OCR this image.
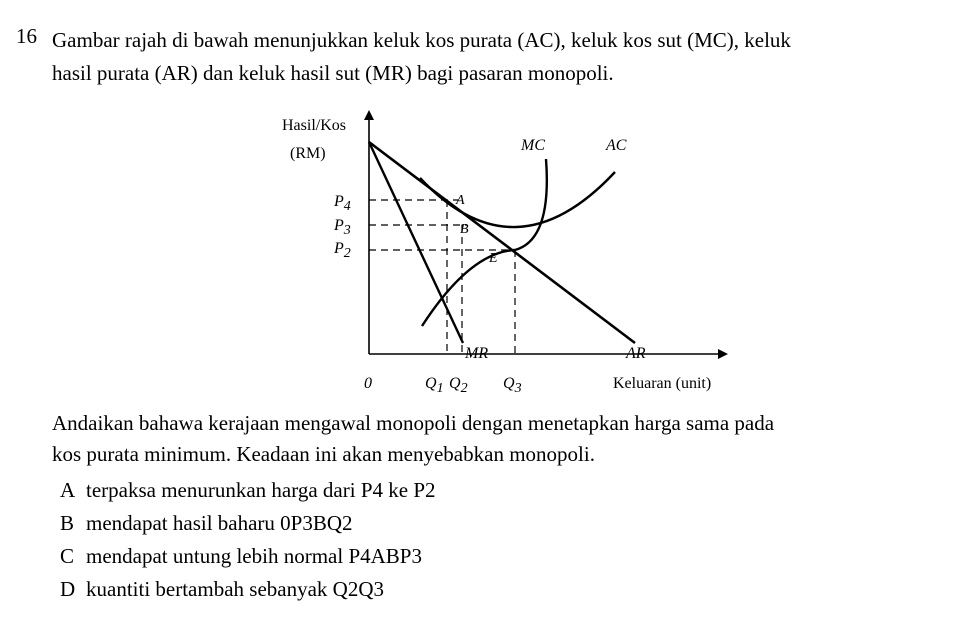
16 Gambar rajah di bawah menunjukkan keluk kos purata (AC), keluk kos sut (MC), keluk
hasil purata (AR) dan keluk hasil sut (MR) bagi pasaran monopoli.
Hasil/Kos
(RM)
Keluaran (unit)
0
P4
P3
P2
Q1 Q2 Q3
MC	AC
AR
MR
A
B
E
Andaikan bahawa kerajaan mengawal monopoli dengan menetapkan harga sama pada
kos purata minimum. Keadaan ini akan menyebabkan monopoli.
A terpaksa menurunkan harga dari P4 ke P2
B mendapat hasil baharu 0P3BQ2
C mendapat untung lebih normal P4ABP3
D kuantiti bertambah sebanyak Q2Q3
